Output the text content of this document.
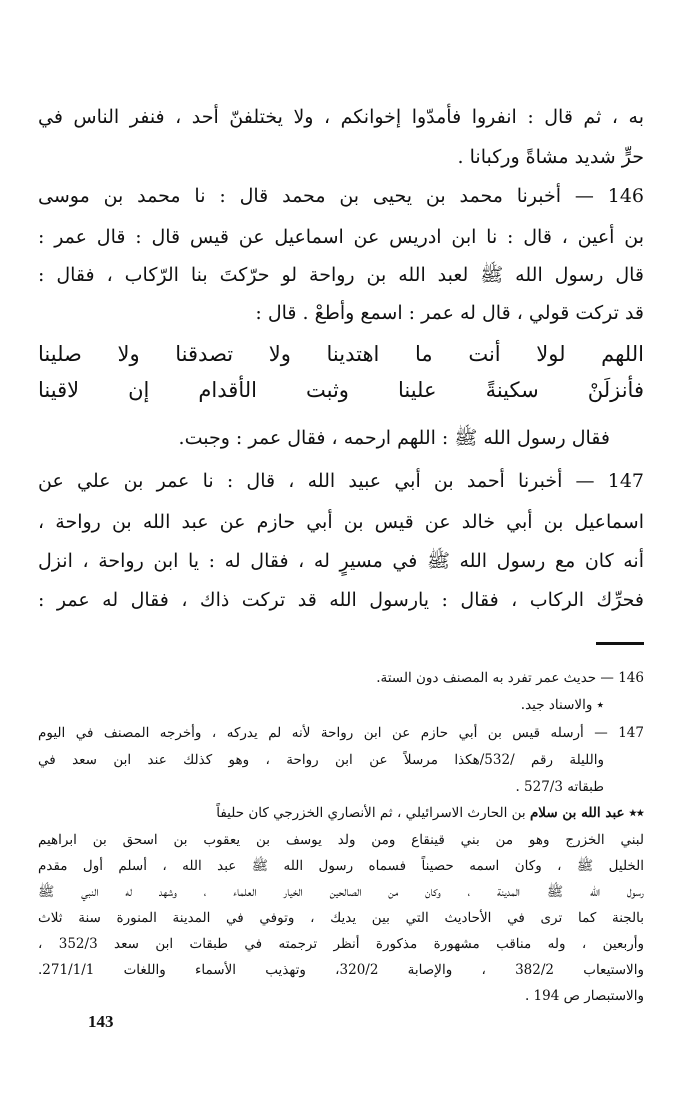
به ، ثم قال : انفروا فأمدّوا إخوانكم ، ولا يختلفنّ أحد ، فنفر الناس في
حرٍّ شديد مشاةً وركبانا .
146 — أخبرنا محمد بن يحيى بن محمد قال : نا محمد بن موسى
بن أعين ، قال : نا ابن ادريس عن اسماعيل عن قيس قال : قال عمر :
قال رسول الله ﷺ لعبد الله بن رواحة لو حرّكتَ بنا الرّكاب ، فقال :
قد تركت قولي ، قال له عمر : اسمع وأطعْ . قال :
اللهم لولا أنت ما اهتدينا ولا تصدقنا ولا صلينا
فأنزلَنْ سكينةً علينا وثبت الأقدام إن لاقينا
فقال رسول الله ﷺ : اللهم ارحمه ، فقال عمر : وجبت.
147 — أخبرنا أحمد بن أبي عبيد الله ، قال : نا عمر بن علي عن
اسماعيل بن أبي خالد عن قيس بن أبي حازم عن عبد الله بن رواحة ،
أنه كان مع رسول الله ﷺ في مسيرٍ له ، فقال له : يا ابن رواحة ، انزل
فحرِّك الركاب ، فقال : يارسول الله قد تركت ذاك ، فقال له عمر :
146 — حديث عمر تفرد به المصنف دون الستة.
٭ والاسناد جيد.
147 — أرسله قيس بن أبي حازم عن ابن رواحة لأنه لم يدركه ، وأخرجه المصنف في اليوم
والليلة رقم /532/هكذا مرسلاً عن ابن رواحة ، وهو كذلك عند ابن سعد في
طبقاته 527/3 .
٭٭ عبد الله بن سلام بن الحارث الاسرائيلي ، ثم الأنصاري الخزرجي كان حليفاً
لبني الخزرج وهو من بني قينقاع ومن ولد يوسف بن يعقوب بن اسحق بن ابراهيم
الخليل ﷺ ، وكان اسمه حصيناً فسماه رسول الله ﷺ عبد الله ، أسلم أول مقدم
رسول الله ﷺ المدينة ، وكان من الصالحين الخيار العلماء ، وشهد له النبي ﷺ
بالجنة كما ترى في الأحاديث التي بين يديك ، وتوفي في المدينة المنورة سنة ثلاث
وأربعين ، وله مناقب مشهورة مذكورة أنظر ترجمته في طبقات ابن سعد 352/3 ،
والاستيعاب 382/2 ، والإصابة 320/2، وتهذيب الأسماء واللغات 271/1/1.
والاستبصار ص 194 .
143
